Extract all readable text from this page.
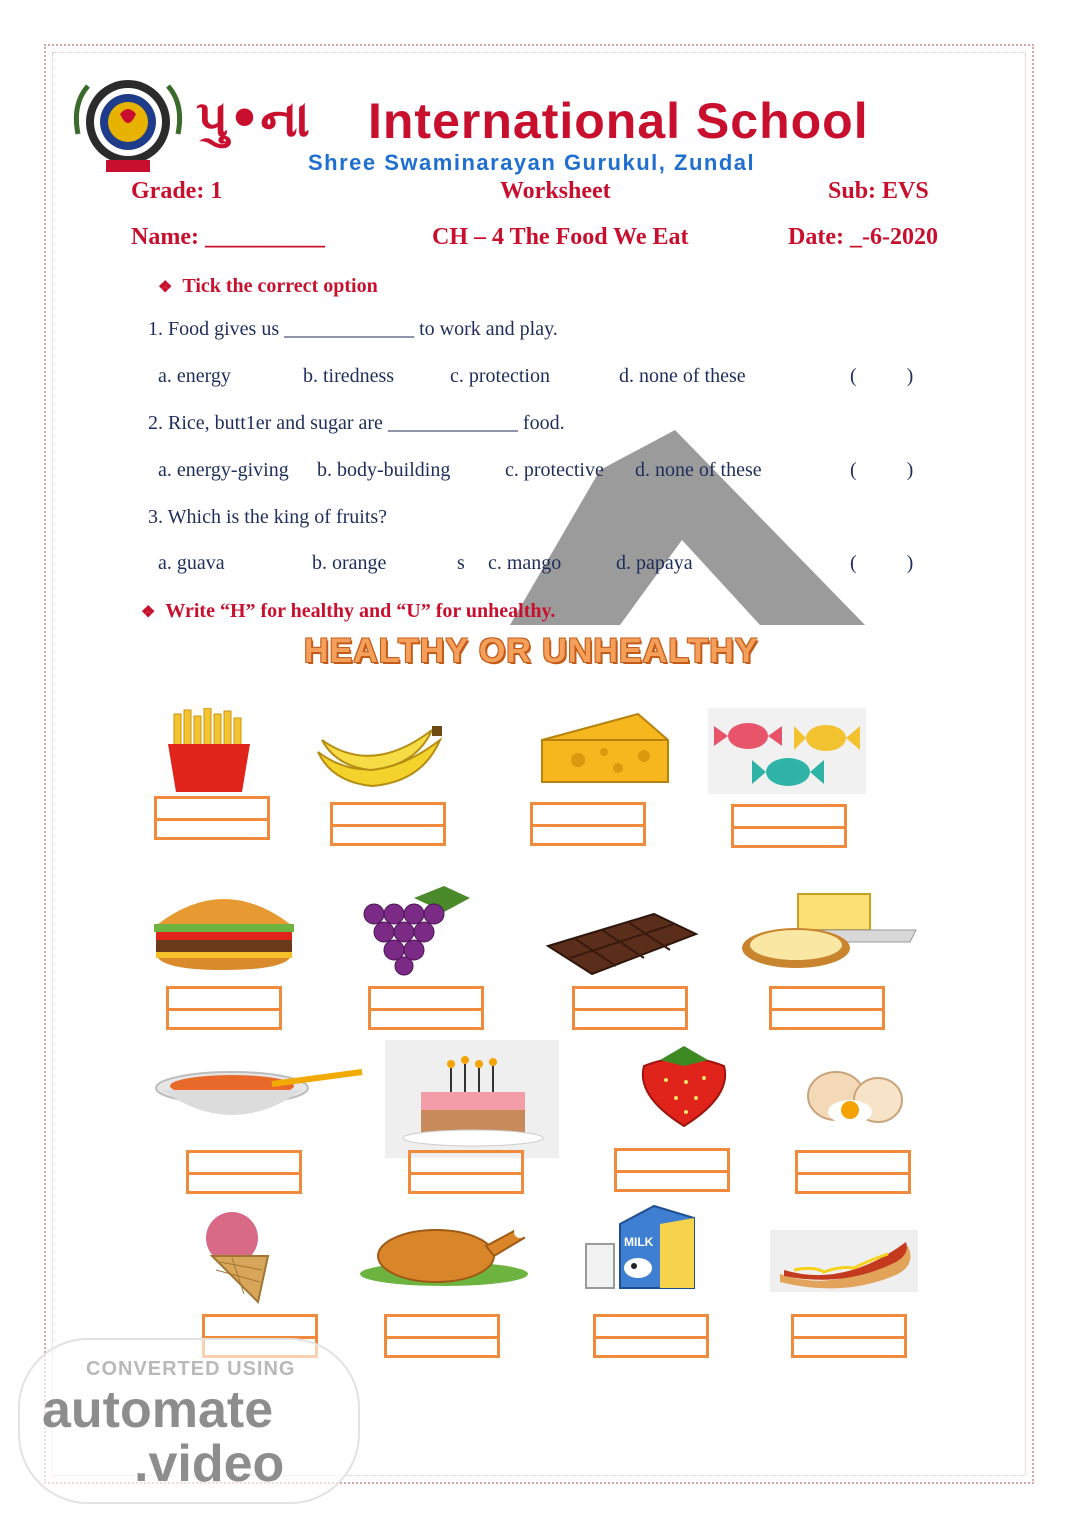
પુ•ના International School
Shree Swaminarayan Gurukul, Zundal
Grade: 1	Worksheet	Sub: EVS
Name: __________	CH – 4 The Food We Eat	Date: _-6-2020
❖ Tick the correct option
1. Food gives us _____________ to work and play.
a. energy	b. tiredness	c. protection	d. none of these	(          )
2. Rice, butt1er and sugar are _____________ food.
a. energy-giving b. body-building	c. protective d. none of these	(          )
3. Which is the king of fruits?
a. guava	b. orange	s c. mango	d. papaya	(          )
❖ Write “H” for healthy and “U” for unhealthy.
HEALTHY OR UNHEALTHY
MILK
CONVERTED USING
automate
.video
